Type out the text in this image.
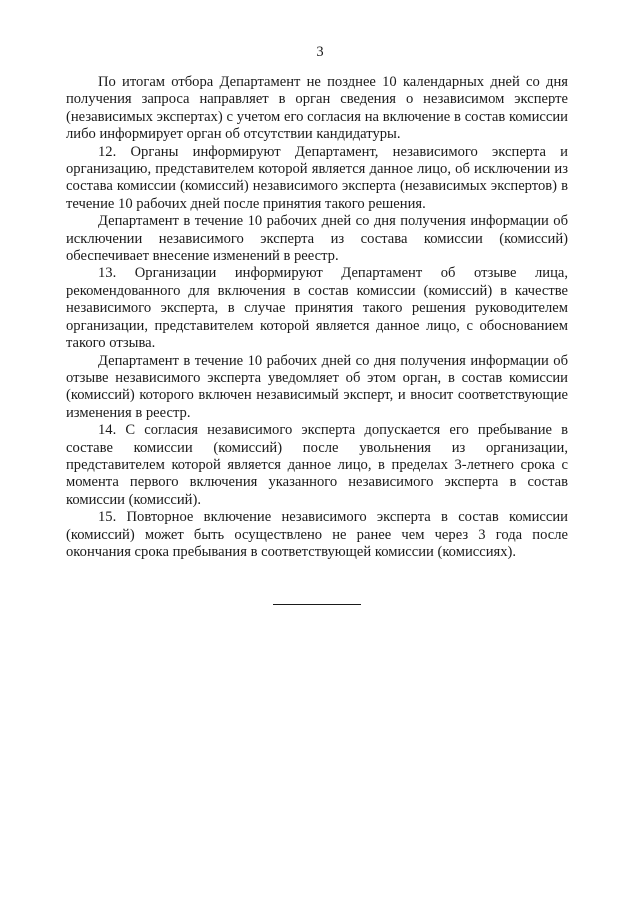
3

По итогам отбора Департамент не позднее 10 календарных дней со дня получения запроса направляет в орган сведения о независимом эксперте (независимых экспертах) с учетом его согласия на включение в состав комиссии либо информирует орган об отсутствии кандидатуры.

12. Органы информируют Департамент, независимого эксперта и организацию, представителем которой является данное лицо, об исключении из состава комиссии (комиссий) независимого эксперта (независимых экспертов) в течение 10 рабочих дней после принятия такого решения.

Департамент в течение 10 рабочих дней со дня получения информации об исключении независимого эксперта из состава комиссии (комиссий) обеспечивает внесение изменений в реестр.

13. Организации информируют Департамент об отзыве лица, рекомендованного для включения в состав комиссии (комиссий) в качестве независимого эксперта, в случае принятия такого решения руководителем организации, представителем которой является данное лицо, с обоснованием такого отзыва.

Департамент в течение 10 рабочих дней со дня получения информации об отзыве независимого эксперта уведомляет об этом орган, в состав комиссии (комиссий) которого включен независимый эксперт, и вносит соответствующие изменения в реестр.

14. С согласия независимого эксперта допускается его пребывание в составе комиссии (комиссий) после увольнения из организации, представителем которой является данное лицо, в пределах 3-летнего срока с момента первого включения указанного независимого эксперта в состав комиссии (комиссий).

15. Повторное включение независимого эксперта в состав комиссии (комиссий) может быть осуществлено не ранее чем через 3 года после окончания срока пребывания в соответствующей комиссии (комиссиях).
